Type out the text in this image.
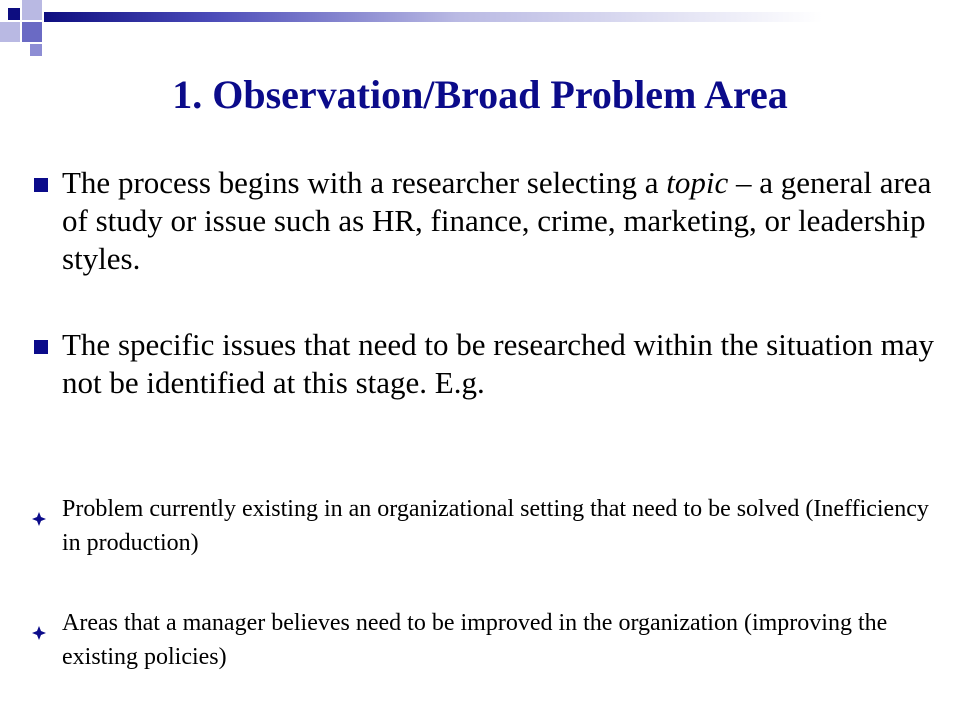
1. Observation/Broad Problem Area

The process begins with a researcher selecting a topic – a general area of study or issue such as HR, finance, crime, marketing, or leadership styles.

The specific issues that need to be researched within the situation may not be identified at this stage. E.g.

Problem currently existing in an organizational setting that need to be solved (Inefficiency in production)

Areas that a manager believes need to be improved in the organization (improving the existing policies)
